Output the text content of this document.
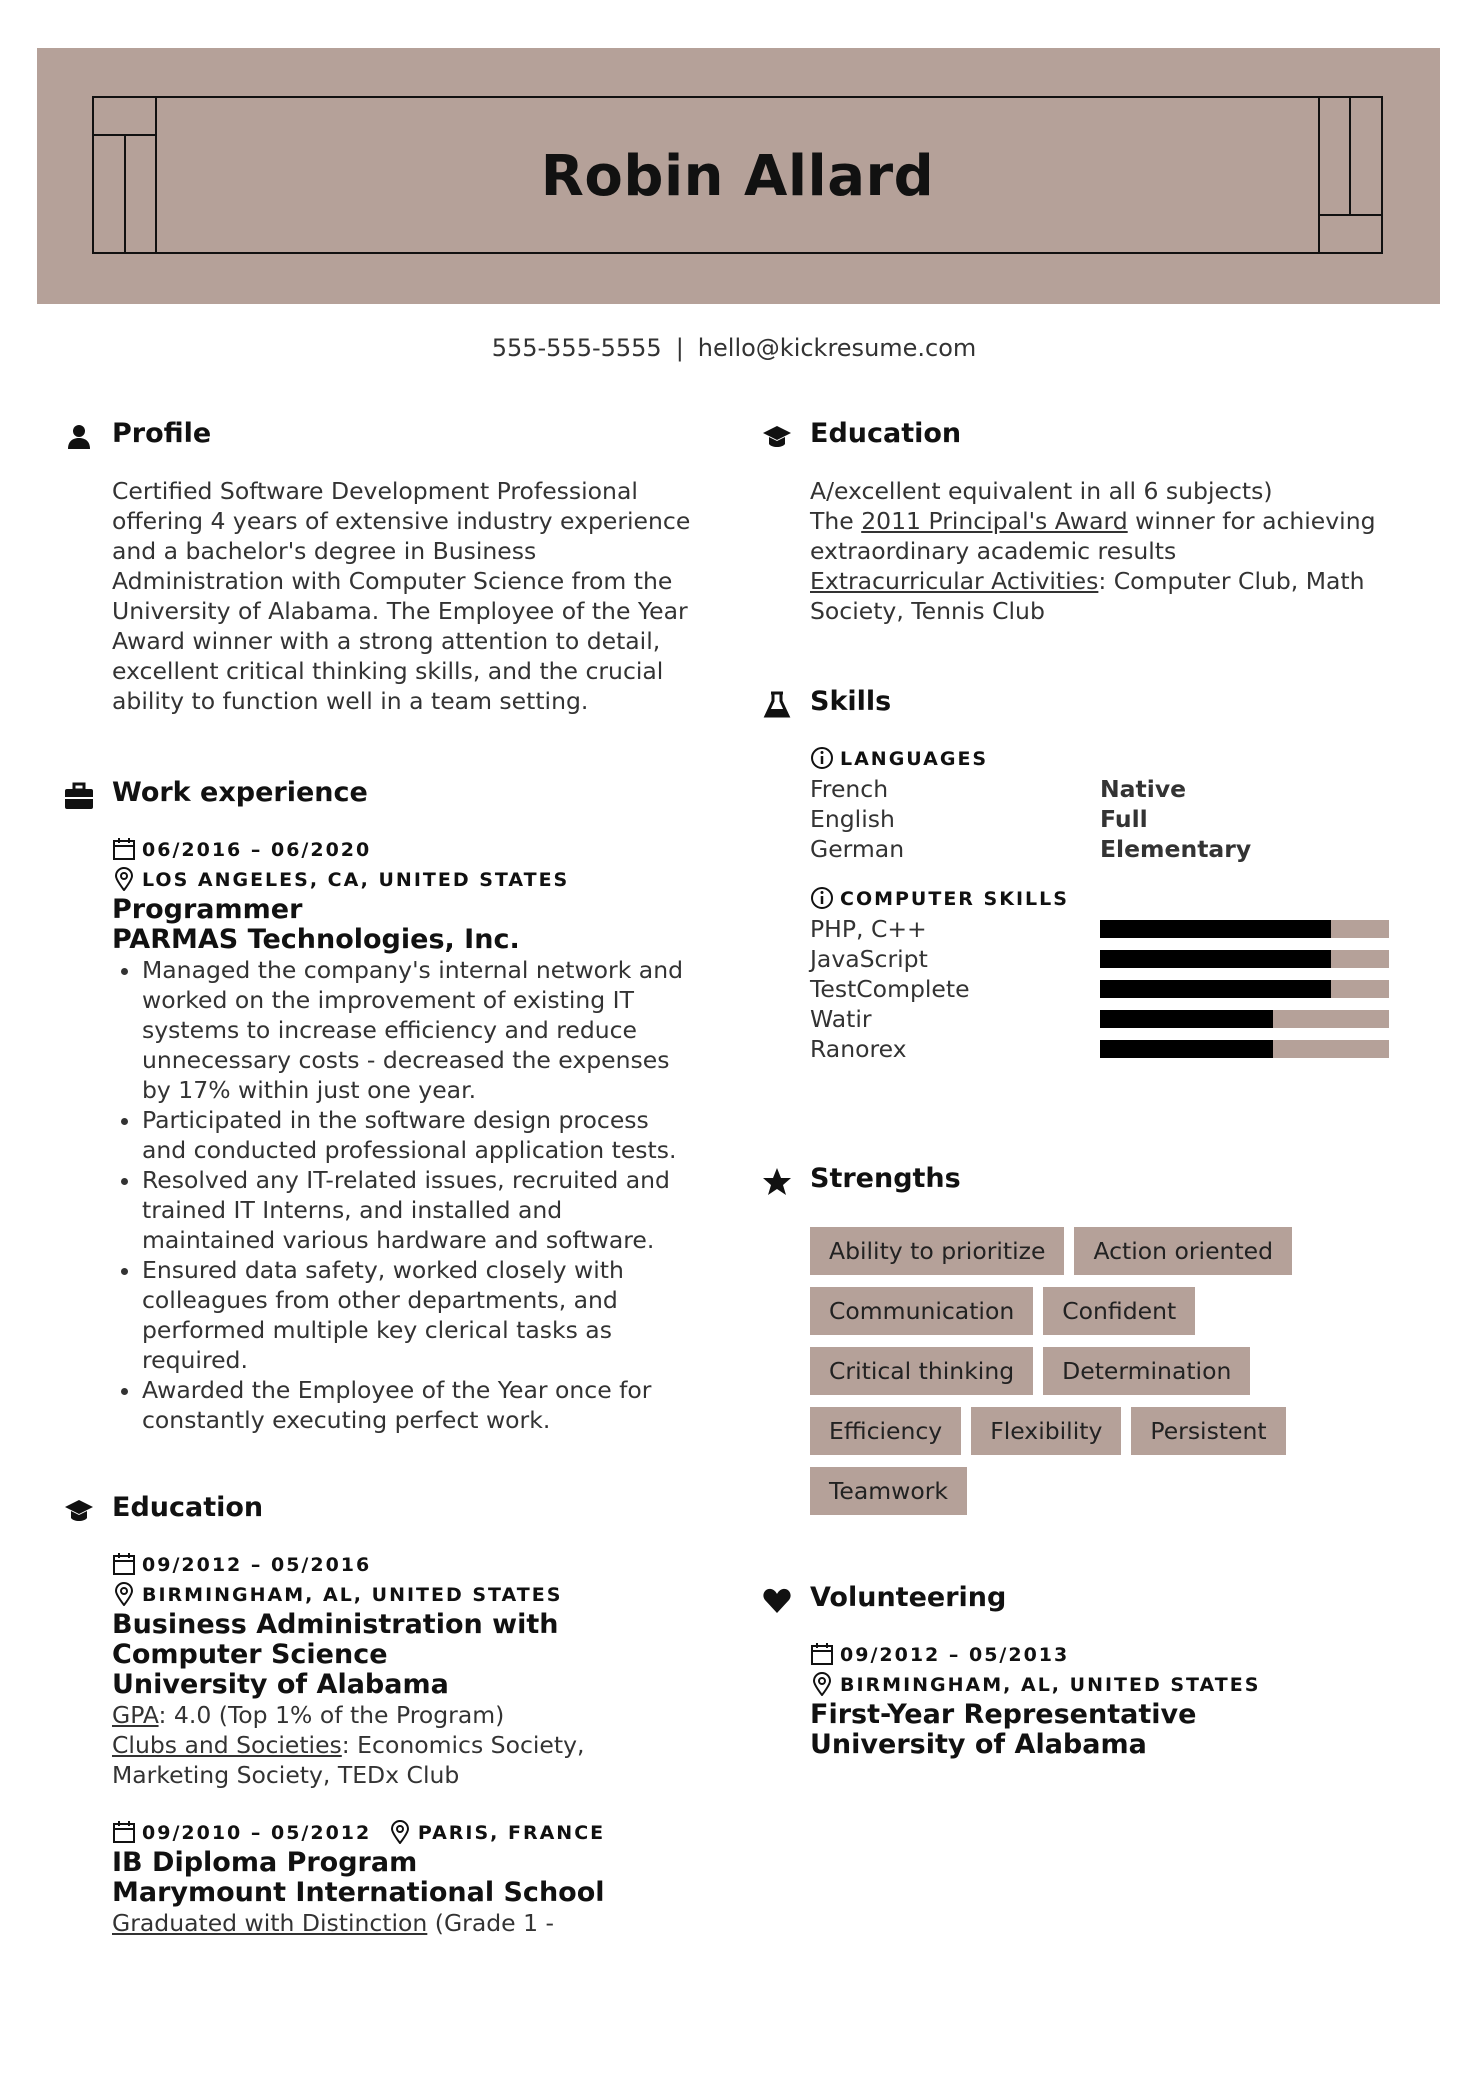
Robin Allard
555-555-5555 | hello@kickresume.com
Profile
Certified Software Development Professional
offering 4 years of extensive industry experience
and a bachelor's degree in Business
Administration with Computer Science from the
University of Alabama. The Employee of the Year
Award winner with a strong attention to detail,
excellent critical thinking skills, and the crucial
ability to function well in a team setting.
Work experience
06/2016 – 06/2020
LOS ANGELES, CA, UNITED STATES
Programmer
PARMAS Technologies, Inc.
• Managed the company's internal network and
worked on the improvement of existing IT
systems to increase efficiency and reduce
unnecessary costs - decreased the expenses
by 17% within just one year.
• Participated in the software design process
and conducted professional application tests.
• Resolved any IT-related issues, recruited and
trained IT Interns, and installed and
maintained various hardware and software.
• Ensured data safety, worked closely with
colleagues from other departments, and
performed multiple key clerical tasks as
required.
• Awarded the Employee of the Year once for
constantly executing perfect work.
Education
09/2012 – 05/2016
BIRMINGHAM, AL, UNITED STATES
Business Administration with
Computer Science
University of Alabama
GPA: 4.0 (Top 1% of the Program)
Clubs and Societies: Economics Society,
Marketing Society, TEDx Club
09/2010 – 05/2012 PARIS, FRANCE
IB Diploma Program
Marymount International School
Graduated with Distinction (Grade 1 -
Education
A/excellent equivalent in all 6 subjects)
The 2011 Principal's Award winner for achieving
extraordinary academic results
Extracurricular Activities: Computer Club, Math
Society, Tennis Club
Skills
LANGUAGES
French	Native
English	Full
German	Elementary
COMPUTER SKILLS
PHP, C++
JavaScript
TestComplete
Watir
Ranorex
Strengths
Ability to prioritize	Action oriented
Communication	Confident
Critical thinking	Determination
Efficiency	Flexibility	Persistent
Teamwork
Volunteering
09/2012 – 05/2013
BIRMINGHAM, AL, UNITED STATES
First-Year Representative
University of Alabama
